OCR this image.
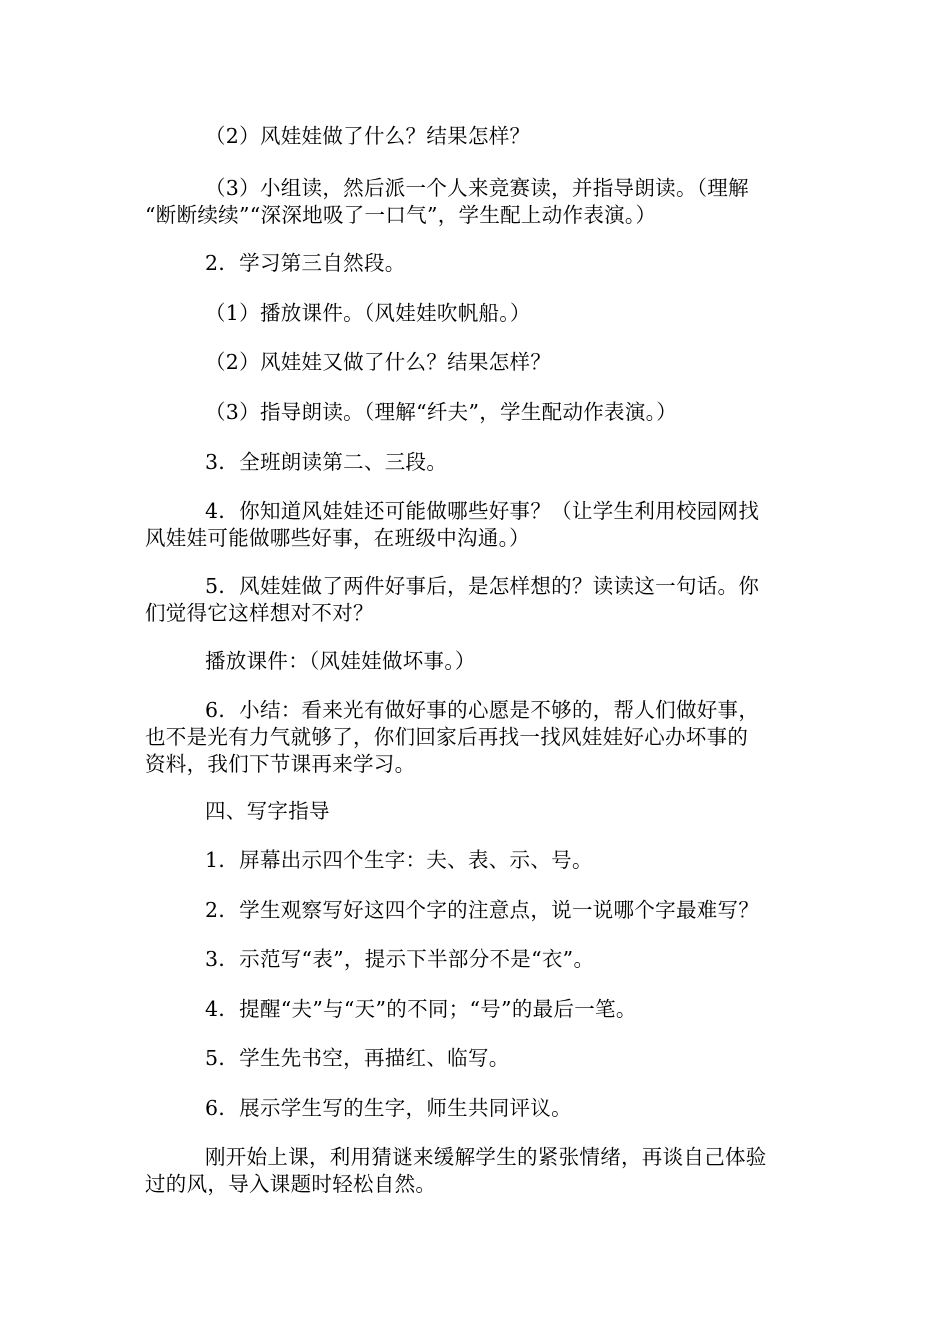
（2）风娃娃做了什么？结果怎样？

（3）小组读，然后派一个人来竞赛读，并指导朗读。（理解
“断断续续”“深深地吸了一口气”，学生配上动作表演。）

2．学习第三自然段。

（1）播放课件。（风娃娃吹帆船。）

（2）风娃娃又做了什么？结果怎样？

（3）指导朗读。（理解“纤夫”，学生配动作表演。）

3．全班朗读第二、三段。

4．你知道风娃娃还可能做哪些好事？（让学生利用校园网找
风娃娃可能做哪些好事，在班级中沟通。）

5．风娃娃做了两件好事后，是怎样想的？读读这一句话。你
们觉得它这样想对不对？

播放课件：（风娃娃做坏事。）

6．小结：看来光有做好事的心愿是不够的，帮人们做好事，
也不是光有力气就够了，你们回家后再找一找风娃娃好心办坏事的
资料，我们下节课再来学习。

四、写字指导

1．屏幕出示四个生字：夫、表、示、号。

2．学生观察写好这四个字的注意点，说一说哪个字最难写？

3．示范写“表”，提示下半部分不是“衣”。

4．提醒“夫”与“天”的不同；“号”的最后一笔。

5．学生先书空，再描红、临写。

6．展示学生写的生字，师生共同评议。

刚开始上课，利用猜谜来缓解学生的紧张情绪，再谈自己体验
过的风，导入课题时轻松自然。
